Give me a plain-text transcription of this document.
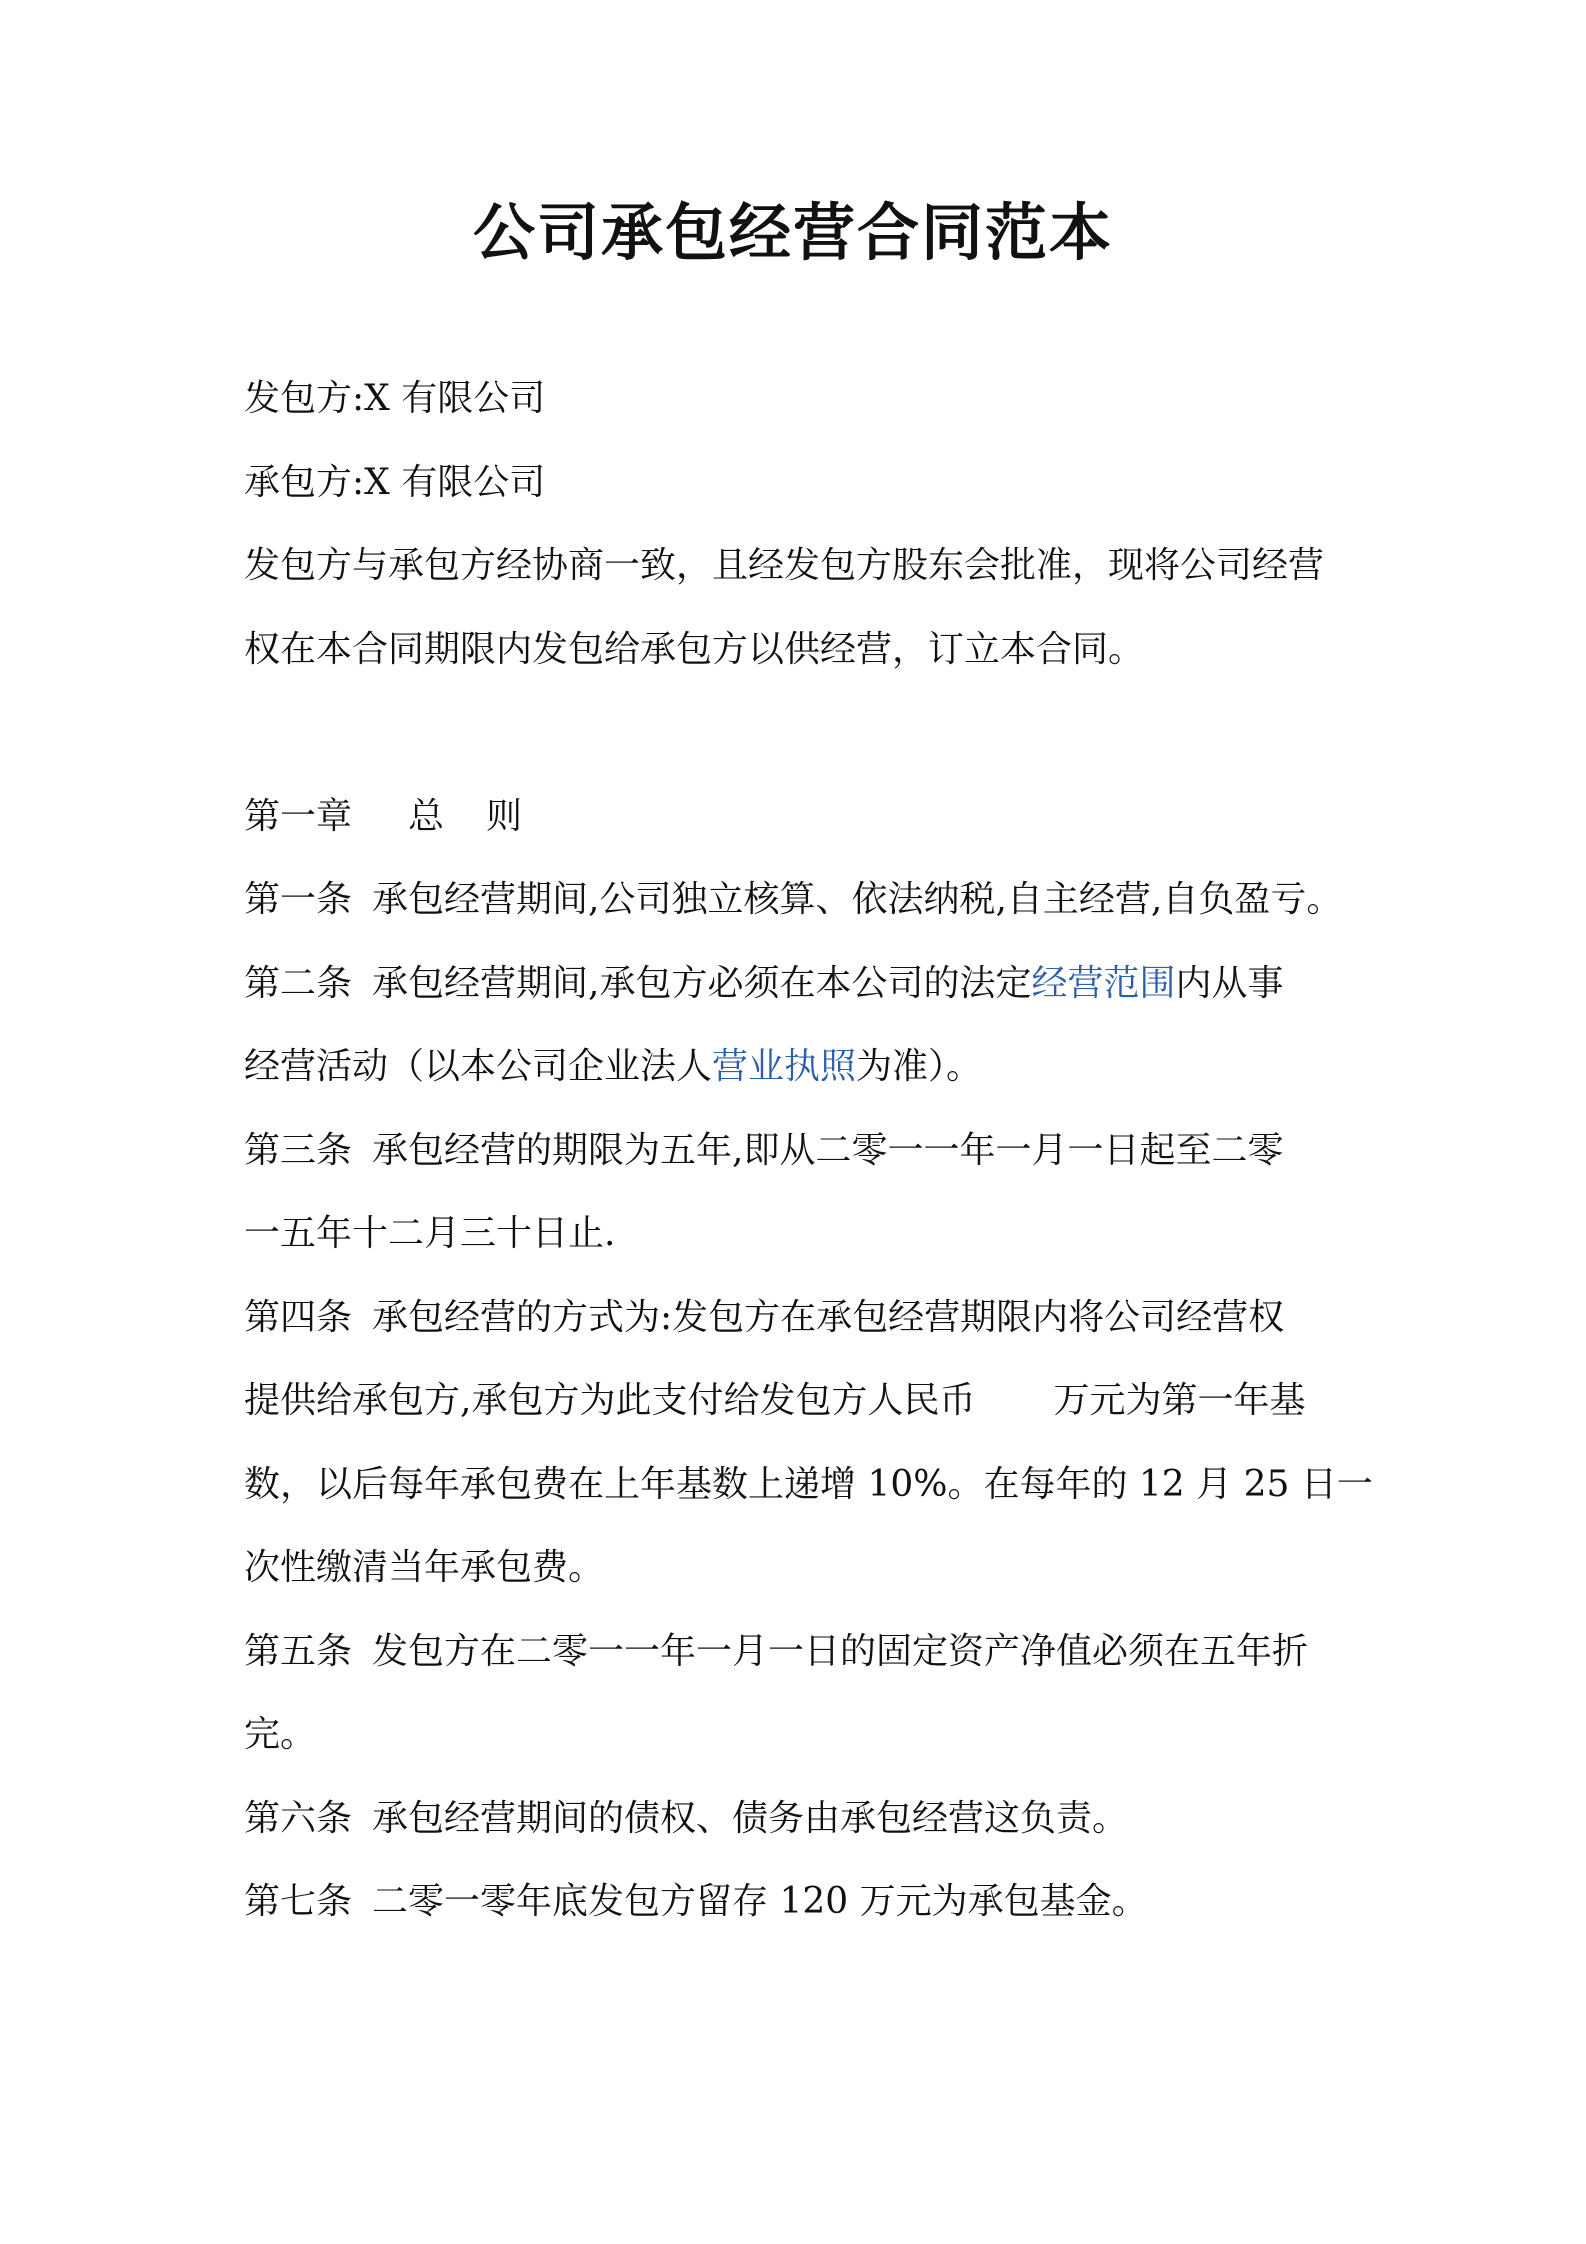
公司承包经营合同范本
发包方:X 有限公司
承包方:X 有限公司
发包方与承包方经协商一致，且经发包方股东会批准，现将公司经营
权在本合同期限内发包给承包方以供经营，订立本合同。
第一章 总 则
第一条 承包经营期间,公司独立核算、依法纳税,自主经营,自负盈亏。
第二条 承包经营期间,承包方必须在本公司的法定经营范围内从事
经营活动（以本公司企业法人营业执照为准）。
第三条 承包经营的期限为五年,即从二零一一年一月一日起至二零
一五年十二月三十日止.
第四条 承包经营的方式为:发包方在承包经营期限内将公司经营权
提供给承包方,承包方为此支付给发包方人民币 万元为第一年基
数，以后每年承包费在上年基数上递增 10%。在每年的 12 月 25 日一
次性缴清当年承包费。
第五条 发包方在二零一一年一月一日的固定资产净值必须在五年折
完。
第六条 承包经营期间的债权、债务由承包经营这负责。
第七条 二零一零年底发包方留存 120 万元为承包基金。
